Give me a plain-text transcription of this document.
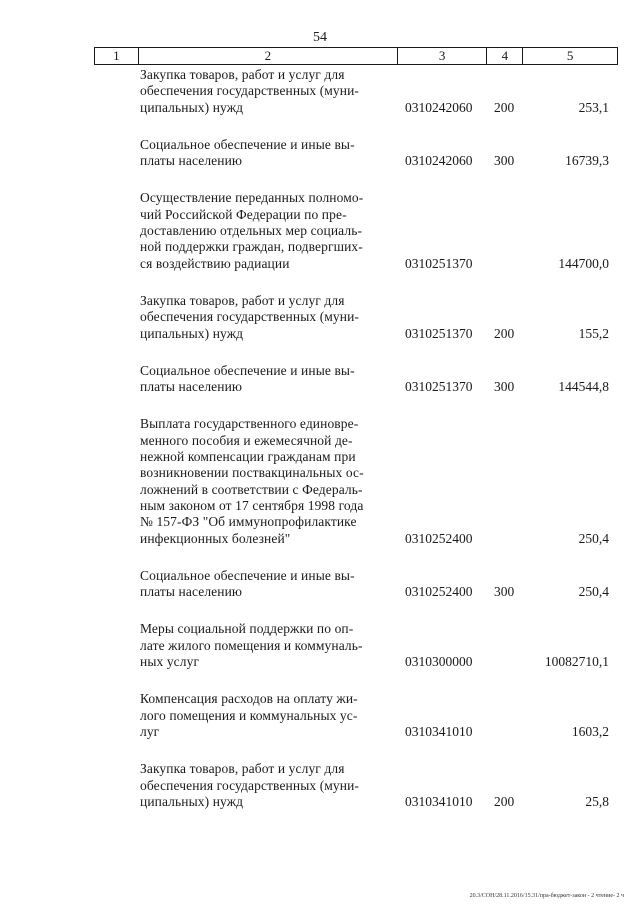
54
1	2	3	4	5
Закупка товаров, работ и услуг для
обеспечения государственных (муни-
ципальных) нужд	0310242060 200	253,1
Социальное обеспечение и иные вы-
платы населению	0310242060 300	16739,3
Осуществление переданных полномо-
чий Российской Федерации по пре-
доставлению отдельных мер социаль-
ной поддержки граждан, подвергших-
ся воздействию радиации	0310251370	144700,0
Закупка товаров, работ и услуг для
обеспечения государственных (муни-
ципальных) нужд	0310251370 200	155,2
Социальное обеспечение и иные вы-
платы населению	0310251370 300	144544,8
Выплата государственного единовре-
менного пособия и ежемесячной де-
нежной компенсации гражданам при
возникновении поствакцинальных ос-
ложнений в соответствии с Федераль-
ным законом от 17 сентября 1998 года
№ 157-ФЗ "Об иммунопрофилактике
инфекционных болезней"	0310252400	250,4
Социальное обеспечение и иные вы-
платы населению	0310252400 300	250,4
Меры социальной поддержки по оп-
лате жилого помещения и коммуналь-
ных услуг	0310300000	10082710,1
Компенсация расходов на оплату жи-
лого помещения и коммунальных ус-
луг	0310341010	1603,2
Закупка товаров, работ и услуг для
обеспечения государственных (муни-
ципальных) нужд	0310341010 200	25,8
20.3/СОН/28.11.2016/15.31/пра-бюджет-закон - 2 чтение- 2 ч
